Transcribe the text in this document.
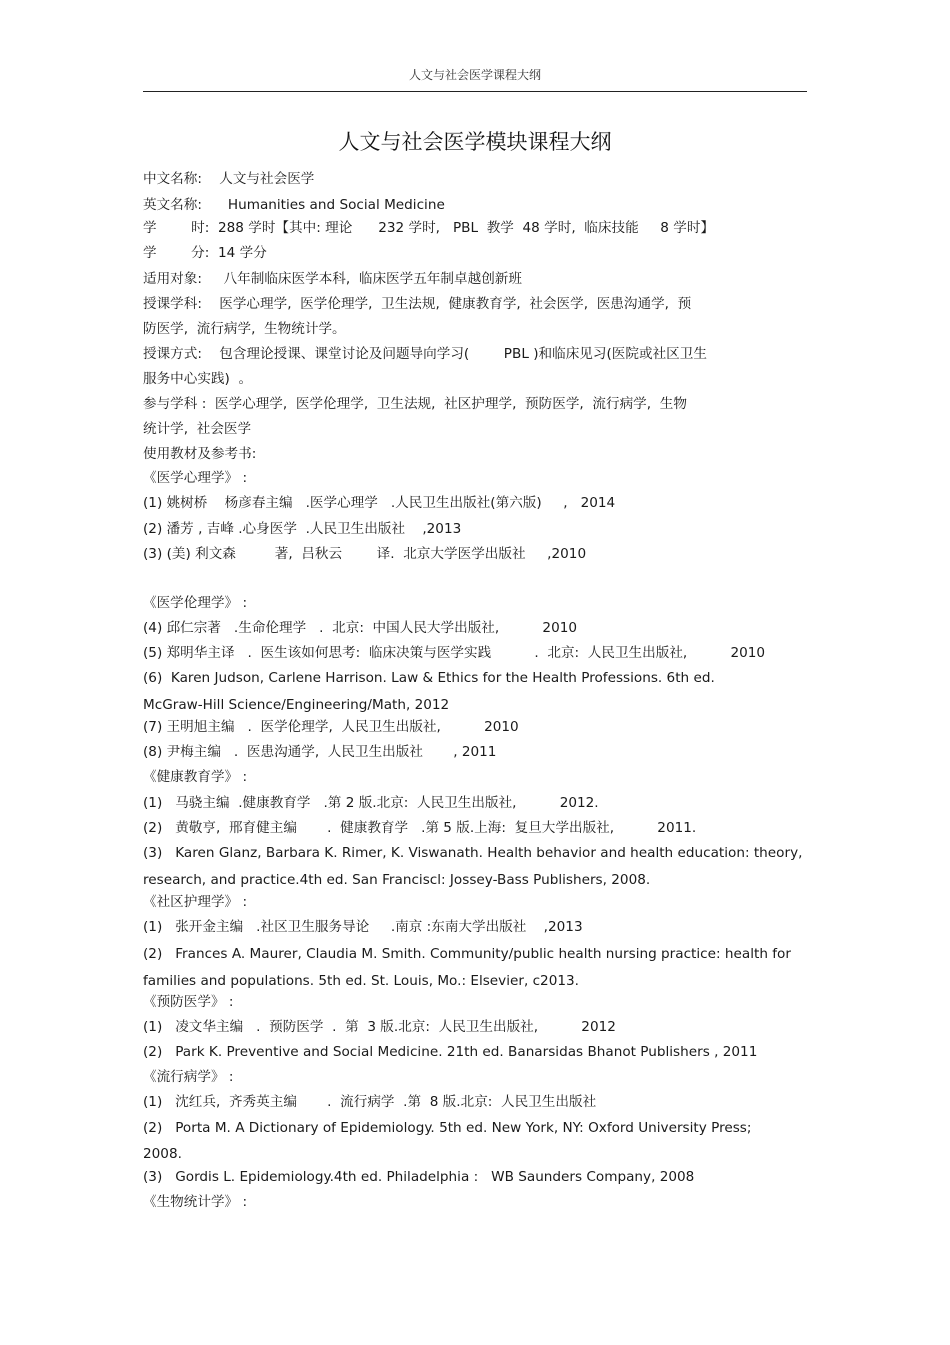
人文与社会医学课程大纲
人文与社会医学模块课程大纲
中文名称:    人文与社会医学
英文名称:      Humanities and Social Medicine
学        时:  288 学时【其中: 理论      232 学时,   PBL  教学  48 学时,  临床技能     8 学时】
学        分:  14 学分
适用对象:     八年制临床医学本科,  临床医学五年制卓越创新班
授课学科:    医学心理学,  医学伦理学,  卫生法规,  健康教育学,  社会医学,  医患沟通学,  预
防医学,  流行病学,  生物统计学。
授课方式:    包含理论授课、课堂讨论及问题导向学习(        PBL )和临床见习(医院或社区卫生
服务中心实践)  。
参与学科 :  医学心理学,  医学伦理学,  卫生法规,  社区护理学,  预防医学,  流行病学,  生物
统计学,  社会医学
使用教材及参考书:
《医学心理学》 :
(1) 姚树桥    杨彦春主编   .医学心理学   .人民卫生出版社(第六版)     ,   2014
(2) 潘芳 , 吉峰 .心身医学  .人民卫生出版社    ,2013
(3) (美) 利文森         著,  吕秋云        译.  北京大学医学出版社     ,2010
《医学伦理学》 :
(4) 邱仁宗著   .生命伦理学   .  北京:  中国人民大学出版社,          2010
(5) 郑明华主译   .  医生该如何思考:  临床决策与医学实践          .  北京:  人民卫生出版社,          2010
(6)  Karen Judson, Carlene Harrison. Law & Ethics for the Health Professions. 6th ed.
McGraw-Hill Science/Engineering/Math, 2012
(7) 王明旭主编   .  医学伦理学,  人民卫生出版社,          2010
(8) 尹梅主编   .  医患沟通学,  人民卫生出版社       , 2011
《健康教育学》 :
(1)   马骁主编  .健康教育学   .第 2 版.北京:  人民卫生出版社,          2012.
(2)   黄敬亨,  邢育健主编       .  健康教育学   .第 5 版.上海:  复旦大学出版社,          2011.
(3)   Karen Glanz, Barbara K. Rimer, K. Viswanath. Health behavior and health education: theory,
research, and practice.4th ed. San Franciscl: Jossey-Bass Publishers, 2008.
《社区护理学》 :
(1)   张开金主编   .社区卫生服务导论     .南京 :东南大学出版社    ,2013
(2)   Frances A. Maurer, Claudia M. Smith. Community/public health nursing practice: health for
families and populations. 5th ed. St. Louis, Mo.: Elsevier, c2013.
《预防医学》 :
(1)   凌文华主编   .  预防医学  .  第  3 版.北京:  人民卫生出版社,          2012
(2)   Park K. Preventive and Social Medicine. 21th ed. Banarsidas Bhanot Publishers , 2011
《流行病学》 :
(1)   沈红兵,  齐秀英主编       .  流行病学  .第  8 版.北京:  人民卫生出版社
(2)   Porta M. A Dictionary of Epidemiology. 5th ed. New York, NY: Oxford University Press;
2008.
(3)   Gordis L. Epidemiology.4th ed. Philadelphia :   WB Saunders Company, 2008
《生物统计学》 :
